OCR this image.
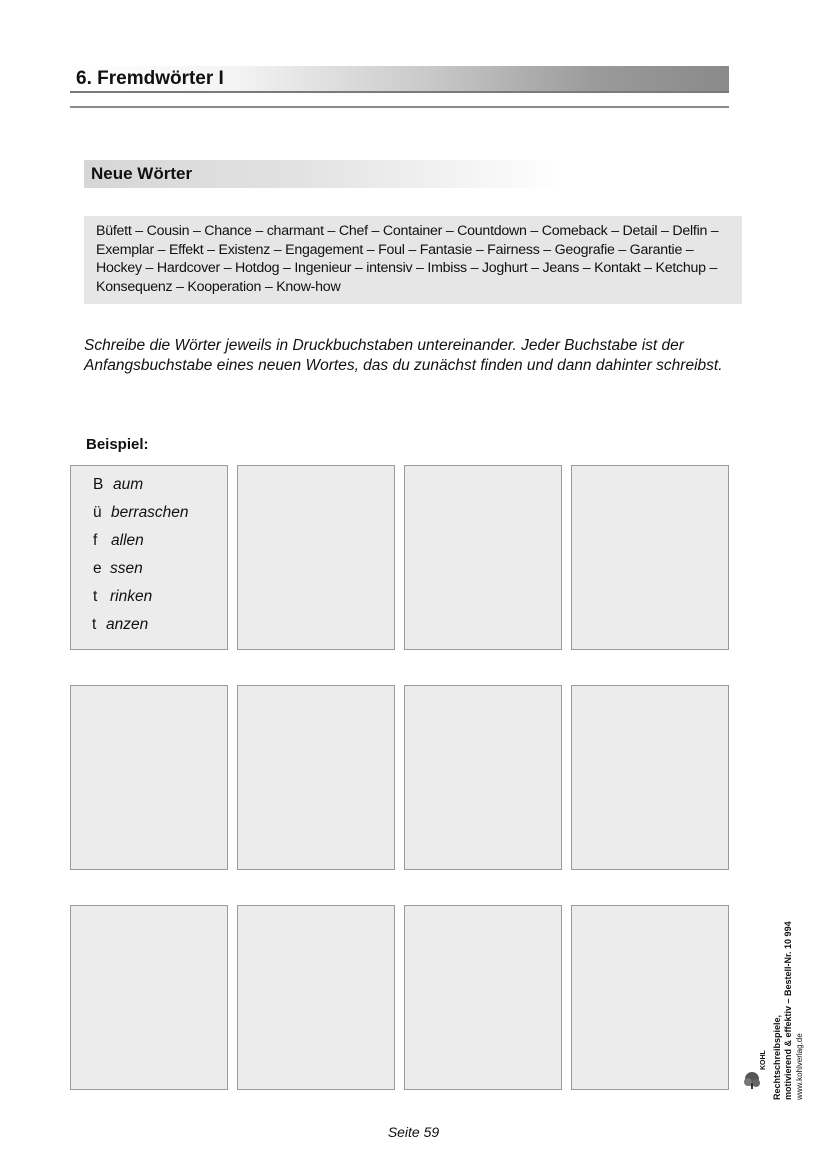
6. Fremdwörter I
Neue Wörter
Büfett – Cousin – Chance – charmant – Chef – Container – Countdown – Comeback – Detail – Delfin – Exemplar – Effekt – Existenz – Engagement – Foul – Fantasie – Fairness – Geografie – Garantie – Hockey – Hardcover – Hotdog – Ingenieur – intensiv – Imbiss – Joghurt – Jeans – Kontakt – Ketchup – Konsequenz – Kooperation – Know-how
Schreibe die Wörter jeweils in Druckbuchstaben untereinander. Jeder Buchstabe ist der Anfangsbuchstabe eines neuen Wortes, das du zunächst finden und dann dahinter schreibst.
Beispiel:
B aum
ü berraschen
f allen
e ssen
t rinken
t anzen
KOHL Rechtschreibspiele, motivierend & effektiv – Bestell-Nr. 10 994 www.kohlverlag.de
Seite 59
